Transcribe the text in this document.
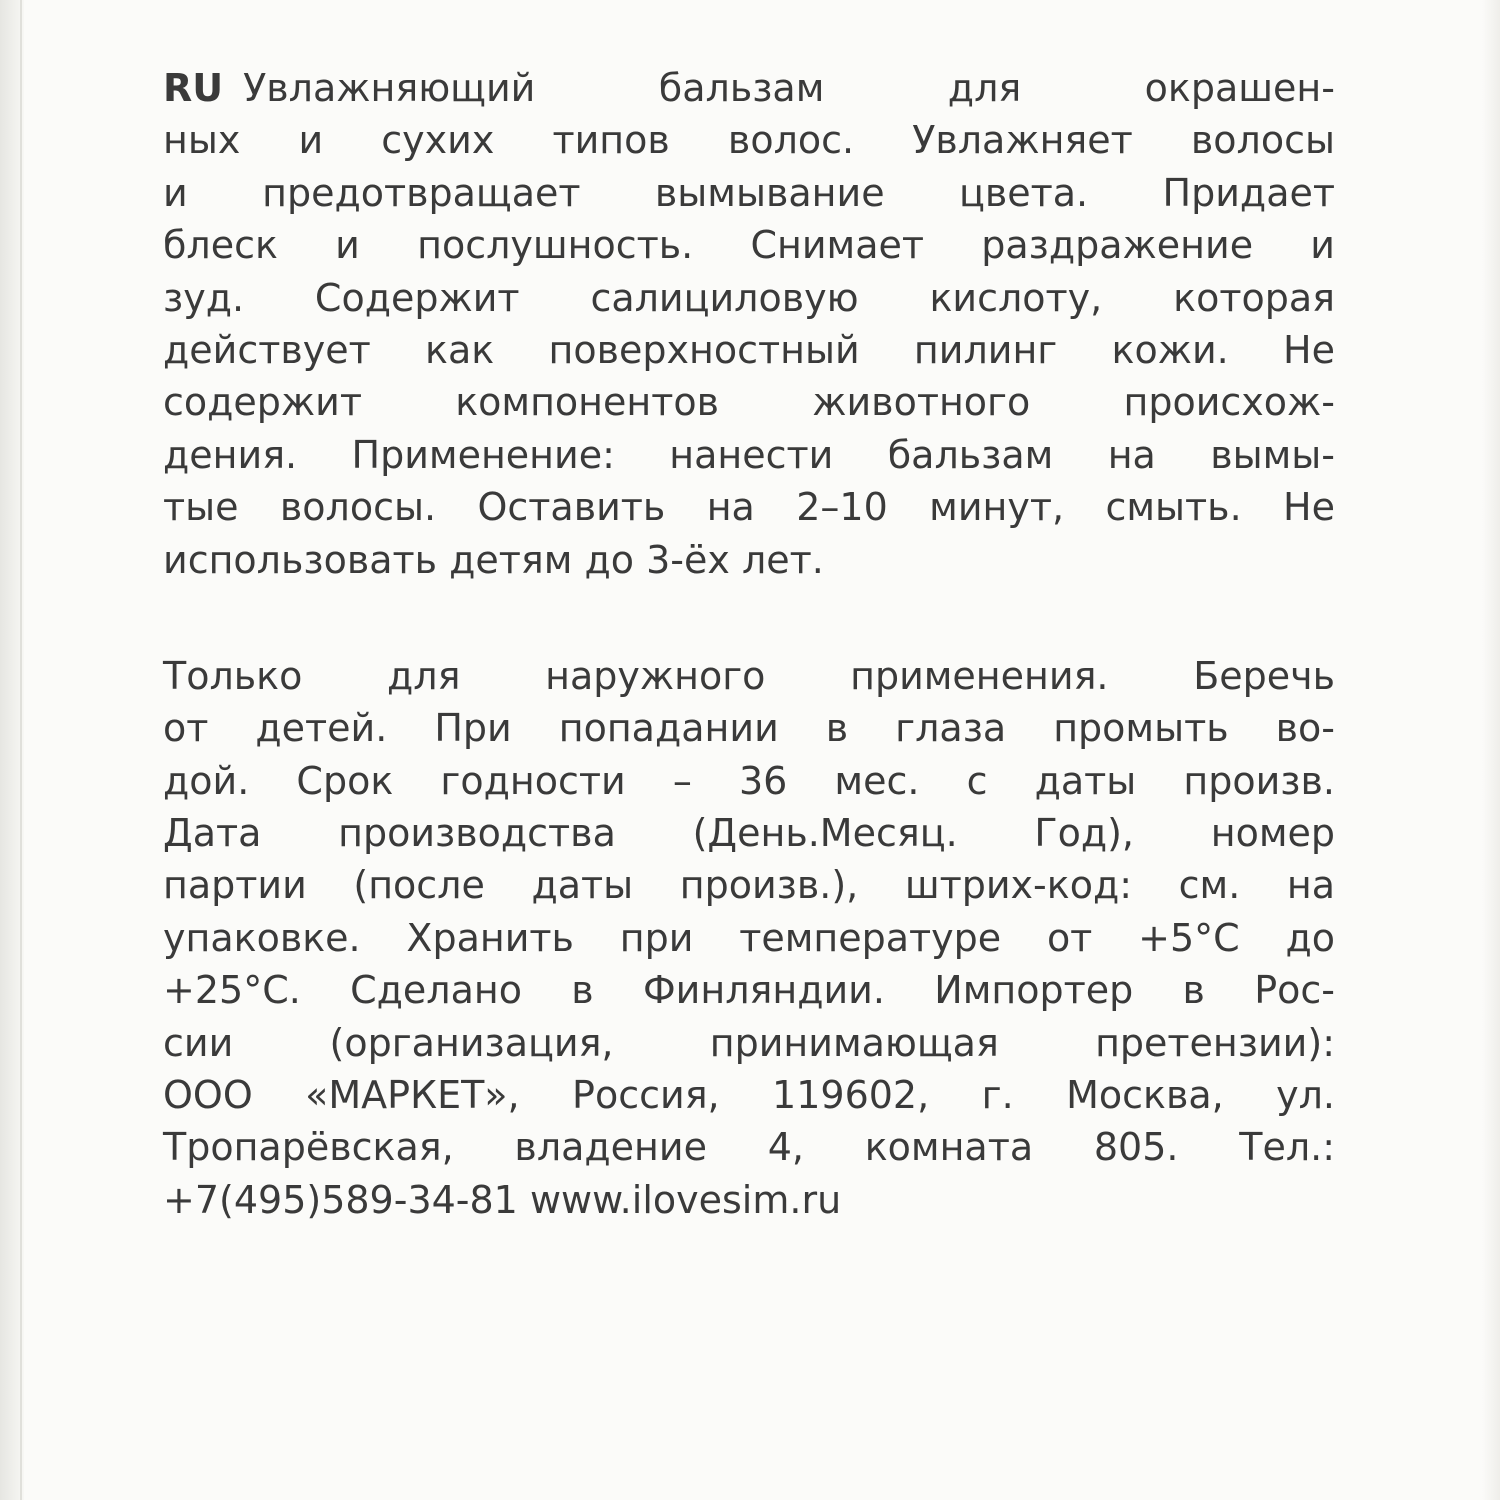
RU Увлажняющий бальзам для окрашен-
ных и сухих типов волос. Увлажняет волосы
и предотвращает вымывание цвета. Придает
блеск и послушность. Снимает раздражение и
зуд. Содержит салициловую кислоту, которая
действует как поверхностный пилинг кожи. Не
содержит компонентов животного происхож-
дения. Применение: нанести бальзам на вымы-
тые волосы. Оставить на 2–10 минут, смыть. Не
использовать детям до 3-ёх лет.
Только для наружного применения. Беречь
от детей. При попадании в глаза промыть во-
дой. Срок годности – 36 мес. с даты произв.
Дата производства (День.Месяц. Год), номер
партии (после даты произв.), штрих-код: см. на
упаковке. Хранить при температуре от +5°C до
+25°C. Сделано в Финляндии. Импортер в Рос-
сии (организация, принимающая претензии):
ООО «МАРКЕТ», Россия, 119602, г. Москва, ул.
Тропарёвская, владение 4, комната 805. Тел.:
+7(495)589-34-81 www.ilovesim.ru
